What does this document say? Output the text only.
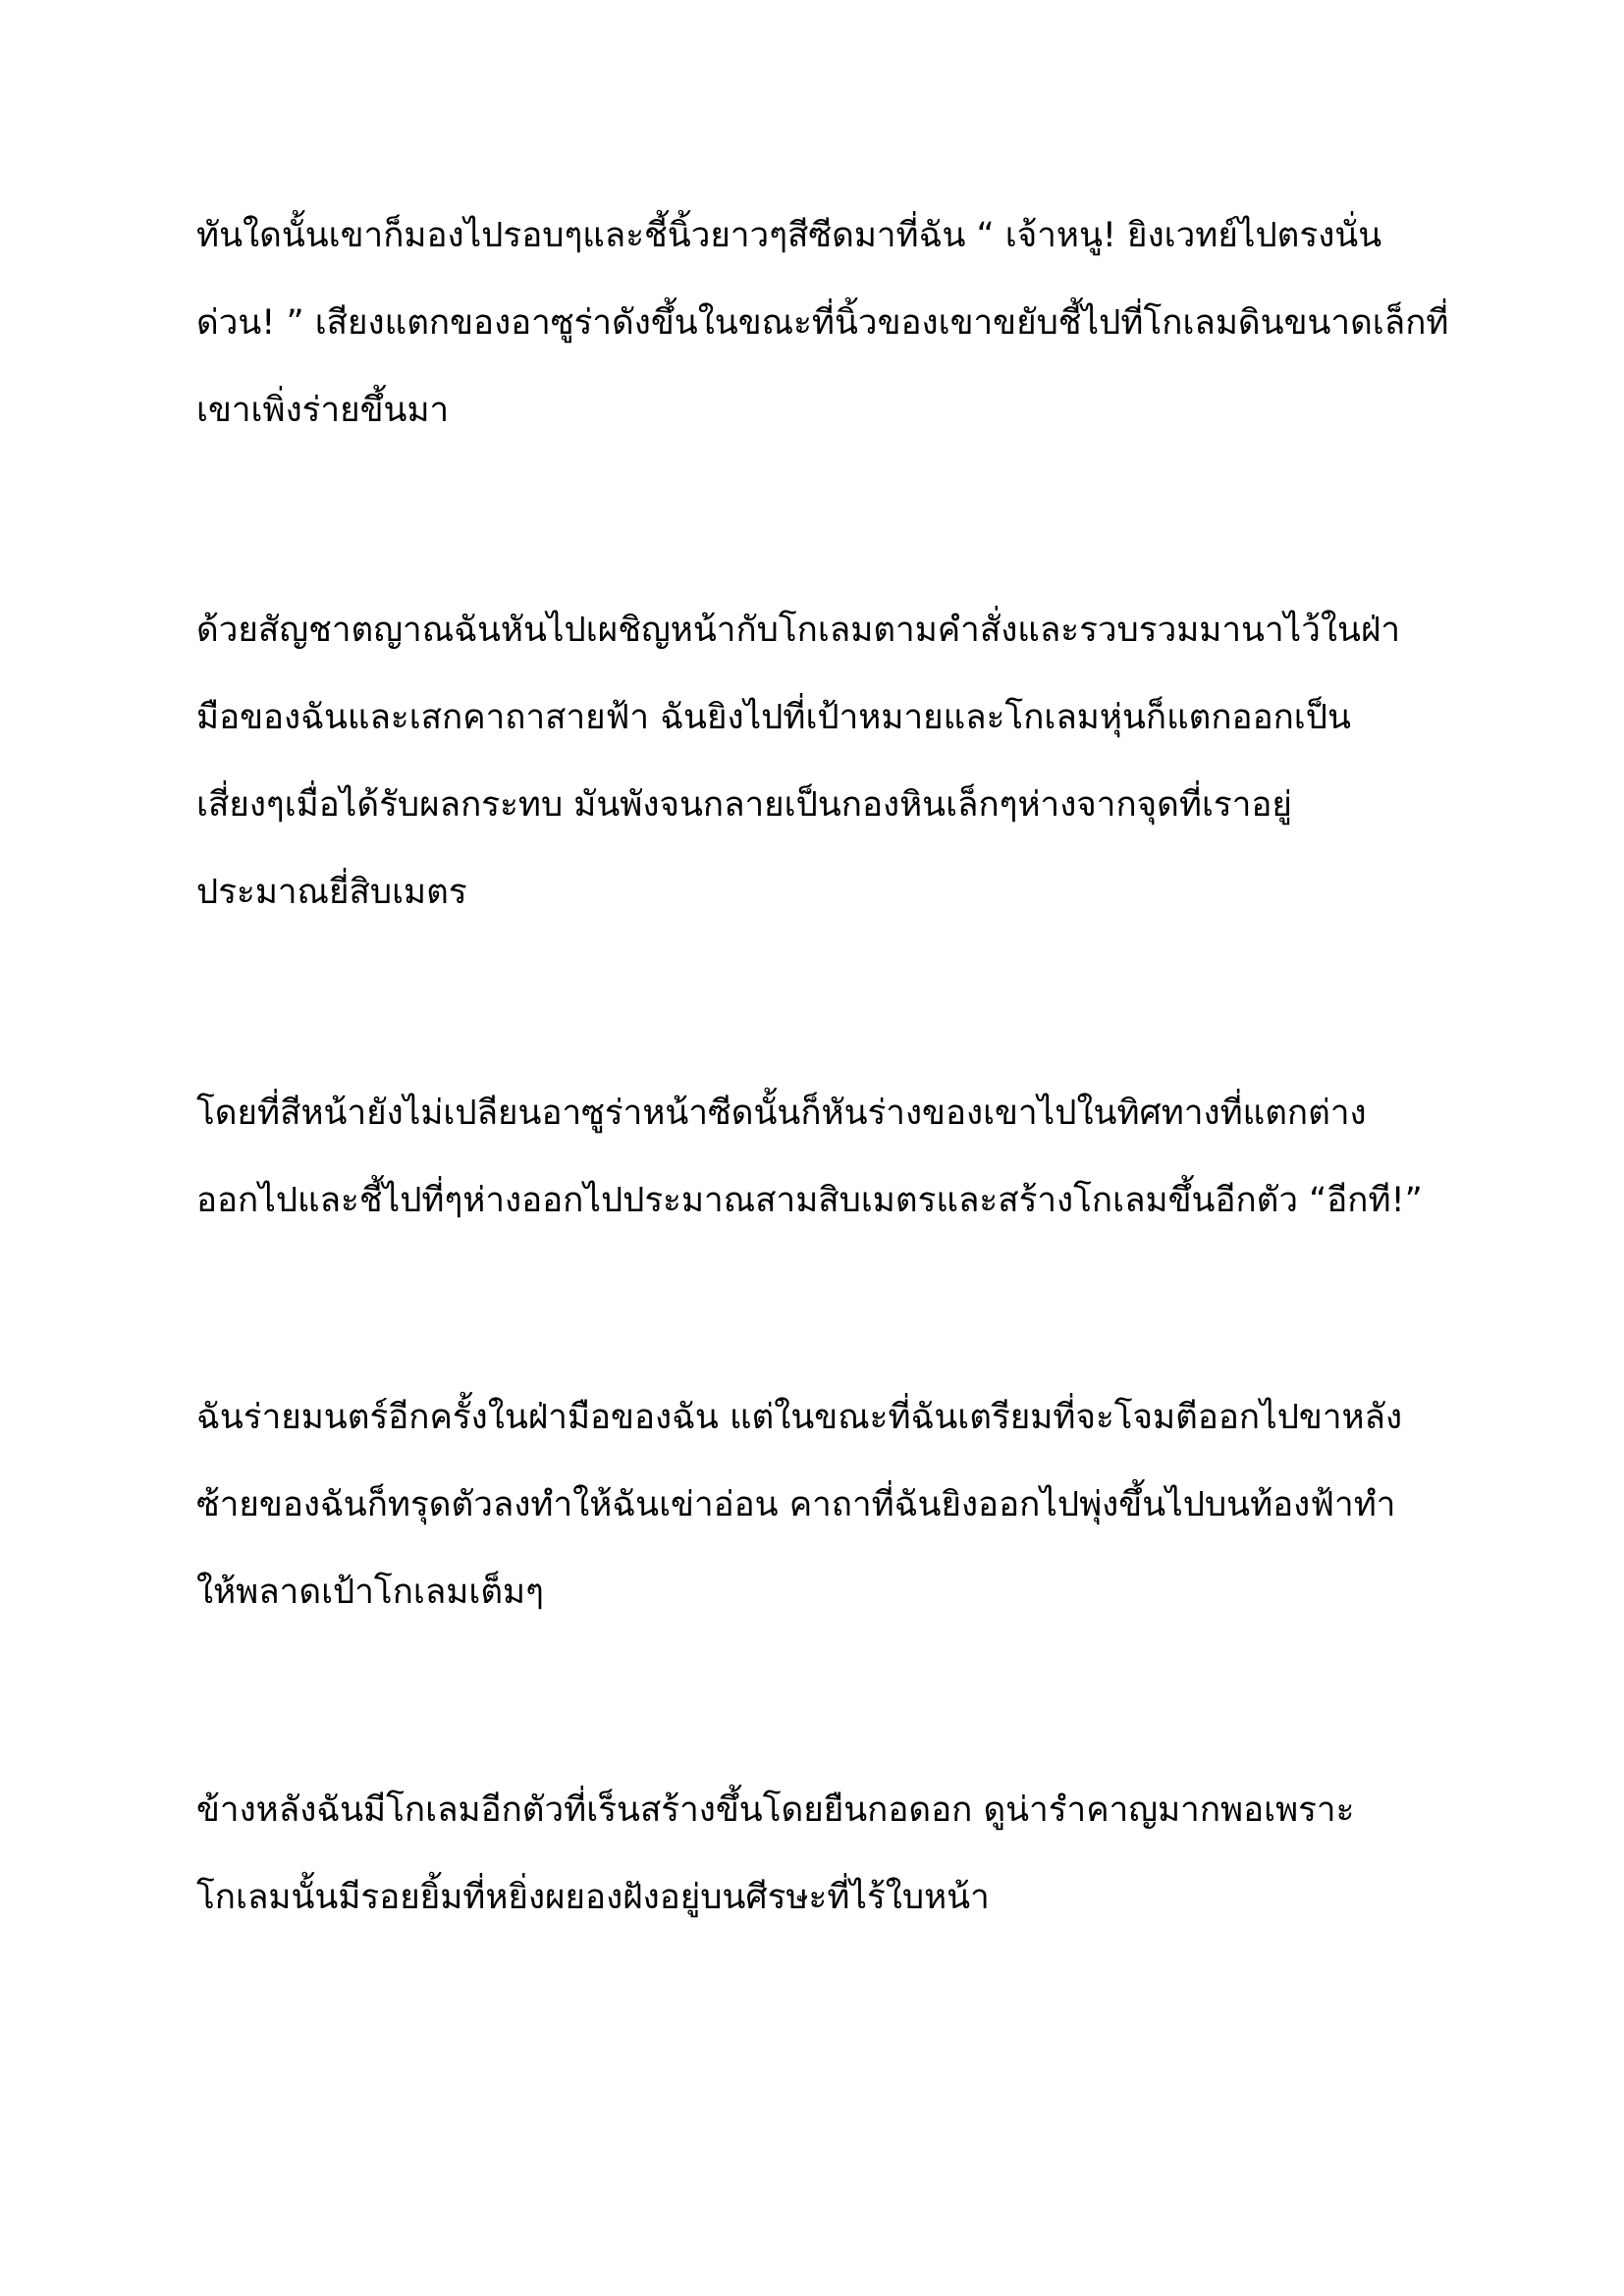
ทันใดนั้นเขาก็มองไปรอบๆและชี้นิ้วยาวๆสีซีดมาที่ฉัน “ เจ้าหนู! ยิงเวทย์ไปตรงนั่น
ด่วน! ” เสียงแตกของอาซูร่าดังขึ้นในขณะที่นิ้วของเขาขยับชี้ไปที่โกเลมดินขนาดเล็กที่
เขาเพิ่งร่ายขึ้นมา

ด้วยสัญชาตญาณฉันหันไปเผชิญหน้ากับโกเลมตามคำสั่งและรวบรวมมานาไว้ในฝ่า
มือของฉันและเสกคาถาสายฟ้า ฉันยิงไปที่เป้าหมายและโกเลมหุ่นก็แตกออกเป็น
เสี่ยงๆเมื่อได้รับผลกระทบ มันพังจนกลายเป็นกองหินเล็กๆห่างจากจุดที่เราอยู่
ประมาณยี่สิบเมตร

โดยที่สีหน้ายังไม่เปลียนอาซูร่าหน้าซีดนั้นก็หันร่างของเขาไปในทิศทางที่แตกต่าง
ออกไปและชี้ไปที่ๆห่างออกไปประมาณสามสิบเมตรและสร้างโกเลมขึ้นอีกตัว “อีกที!”

ฉันร่ายมนตร์อีกครั้งในฝ่ามือของฉัน แต่ในขณะที่ฉันเตรียมที่จะโจมตีออกไปขาหลัง
ซ้ายของฉันก็ทรุดตัวลงทำให้ฉันเข่าอ่อน คาถาที่ฉันยิงออกไปพุ่งขึ้นไปบนท้องฟ้าทำ
ให้พลาดเป้าโกเลมเต็มๆ

ข้างหลังฉันมีโกเลมอีกตัวที่เร็นสร้างขึ้นโดยยืนกอดอก ดูน่ารำคาญมากพอเพราะ
โกเลมนั้นมีรอยยิ้มที่หยิ่งผยองฝังอยู่บนศีรษะที่ไร้ใบหน้า
